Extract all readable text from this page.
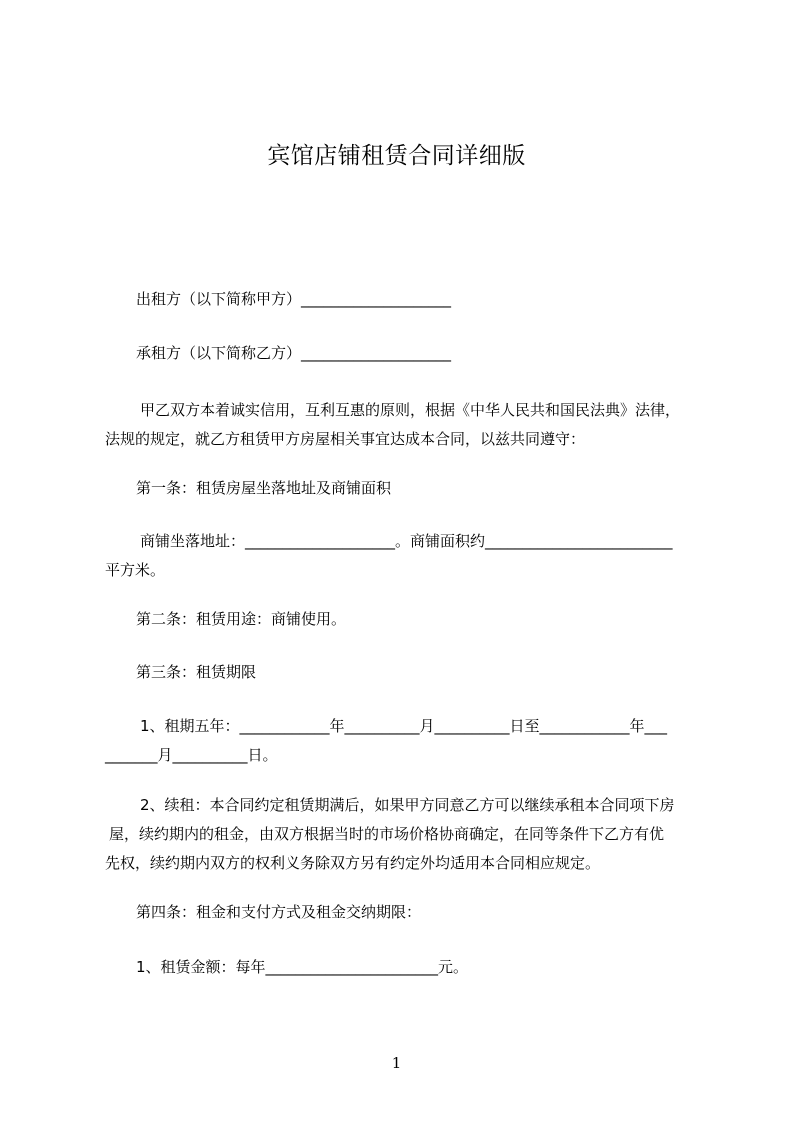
宾馆店铺租赁合同详细版
出租方（以下简称甲方）____________________
承租方（以下简称乙方）____________________
甲乙双方本着诚实信用，互利互惠的原则，根据《中华人民共和国民法典》法律，
法规的规定，就乙方租赁甲方房屋相关事宜达成本合同，以兹共同遵守：
第一条：租赁房屋坐落地址及商铺面积
商铺坐落地址：____________________。商铺面积约_________________________
平方米。
第二条：租赁用途：商铺使用。
第三条：租赁期限
1、租期五年：____________年__________月__________日至____________年___
_______月__________日。
2、续租：本合同约定租赁期满后，如果甲方同意乙方可以继续承租本合同项下房
屋，续约期内的租金，由双方根据当时的市场价格协商确定，在同等条件下乙方有优
先权，续约期内双方的权利义务除双方另有约定外均适用本合同相应规定。
第四条：租金和支付方式及租金交纳期限：
1、租赁金额：每年_______________________元。
1
